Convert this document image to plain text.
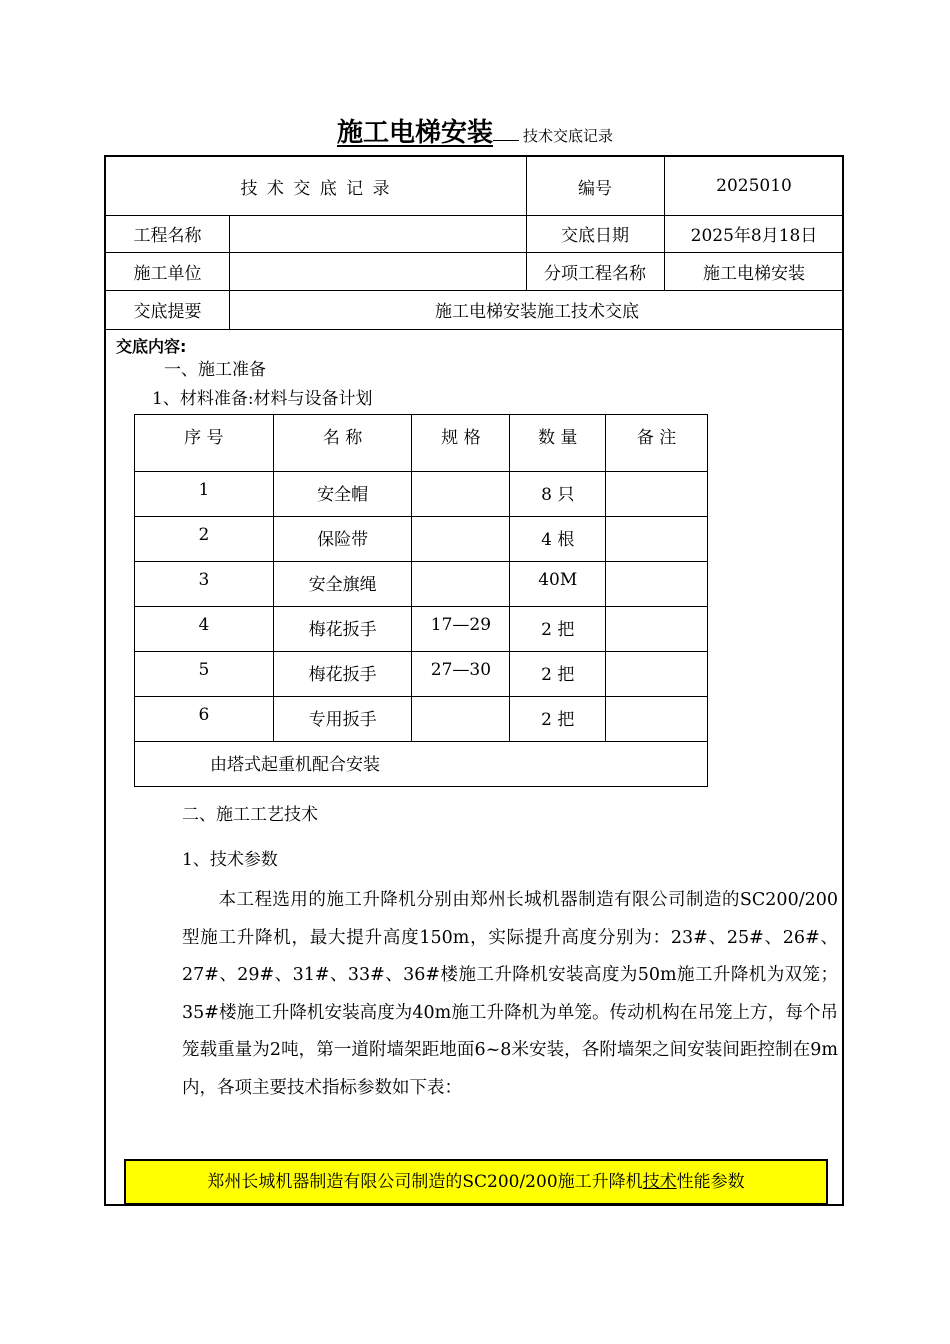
施工电梯安装 技术交底记录
技 术 交 底 记 录	编号	2025010
工程名称	交底日期	2025年8月18日
施工单位	分项工程名称	施工电梯安装
交底提要	施工电梯安装施工技术交底
交底内容:
一、施工准备
1、材料准备:材料与设备计划
序 号	名 称	规 格	数 量	备 注
1	安全帽		8 只	
2	保险带		4 根	
3	安全旗绳		40M	
4	梅花扳手	17—29	2 把	
5	梅花扳手	27—30	2 把	
6	专用扳手		2 把	
由塔式起重机配合安装				
二、施工工艺技术
1、技术参数
本工程选用的施工升降机分别由郑州长城机器制造有限公司制造的SC200/200型施工升降机，最大提升高度150m，实际提升高度分别为：23#、25#、26#、27#、29#、31#、33#、36#楼施工升降机安装高度为50m施工升降机为双笼；35#楼施工升降机安装高度为40m施工升降机为单笼。传动机构在吊笼上方，每个吊笼载重量为2吨，第一道附墙架距地面6~8米安装，各附墙架之间安装间距控制在9m内，各项主要技术指标参数如下表：
郑州长城机器制造有限公司制造的SC200/200施工升降机技术性能参数
